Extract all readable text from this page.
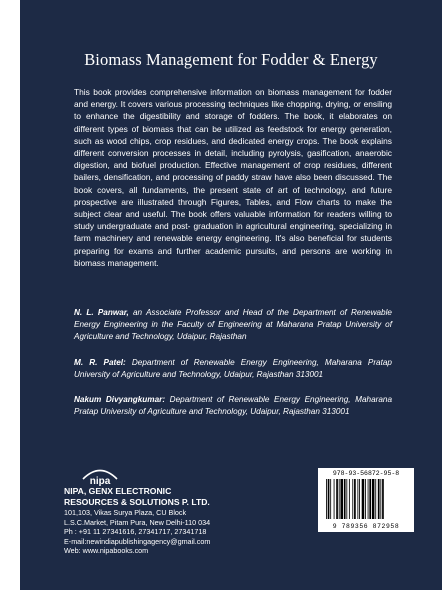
Biomass Management for Fodder & Energy
This book provides comprehensive information on biomass management for fodder and energy. It covers various processing techniques like chopping, drying, or ensiling to enhance the digestibility and storage of fodders. The book, it elaborates on different types of biomass that can be utilized as feedstock for energy generation, such as wood chips, crop residues, and dedicated energy crops. The book explains different conversion processes in detail, including pyrolysis, gasification, anaerobic digestion, and biofuel production. Effective management of crop residues, different bailers, densification, and processing of paddy straw have also been discussed. The book covers, all fundaments, the present state of art of technology, and future prospective are illustrated through Figures, Tables, and Flow charts to make the subject clear and useful. The book offers valuable information for readers willing to study undergraduate and post- graduation in agricultural engineering, specializing in farm machinery and renewable energy engineering. It's also beneficial for students preparing for exams and further academic pursuits, and persons are working in biomass management.
N. L. Panwar, an Associate Professor and Head of the Department of Renewable Energy Engineering in the Faculty of Engineering at Maharana Pratap University of Agriculture and Technology, Udaipur, Rajasthan
M. R. Patel: Department of Renewable Energy Engineering, Maharana Pratap University of Agriculture and Technology, Udaipur, Rajasthan 313001
Nakum Divyangkumar: Department of Renewable Energy Engineering, Maharana Pratap University of Agriculture and Technology, Udaipur, Rajasthan 313001
nipa
NIPA, GENX ELECTRONIC
RESOURCES & SOLUTIONS P. LTD.
101,103, Vikas Surya Plaza, CU Block
L.S.C.Market, Pitam Pura, New Delhi-110 034
Ph : +91 11 27341616, 27341717, 27341718
E-mail:newindiapublishingagency@gmail.com
Web: www.nipabooks.com
978-93-56872-95-8
9 789356 872958
